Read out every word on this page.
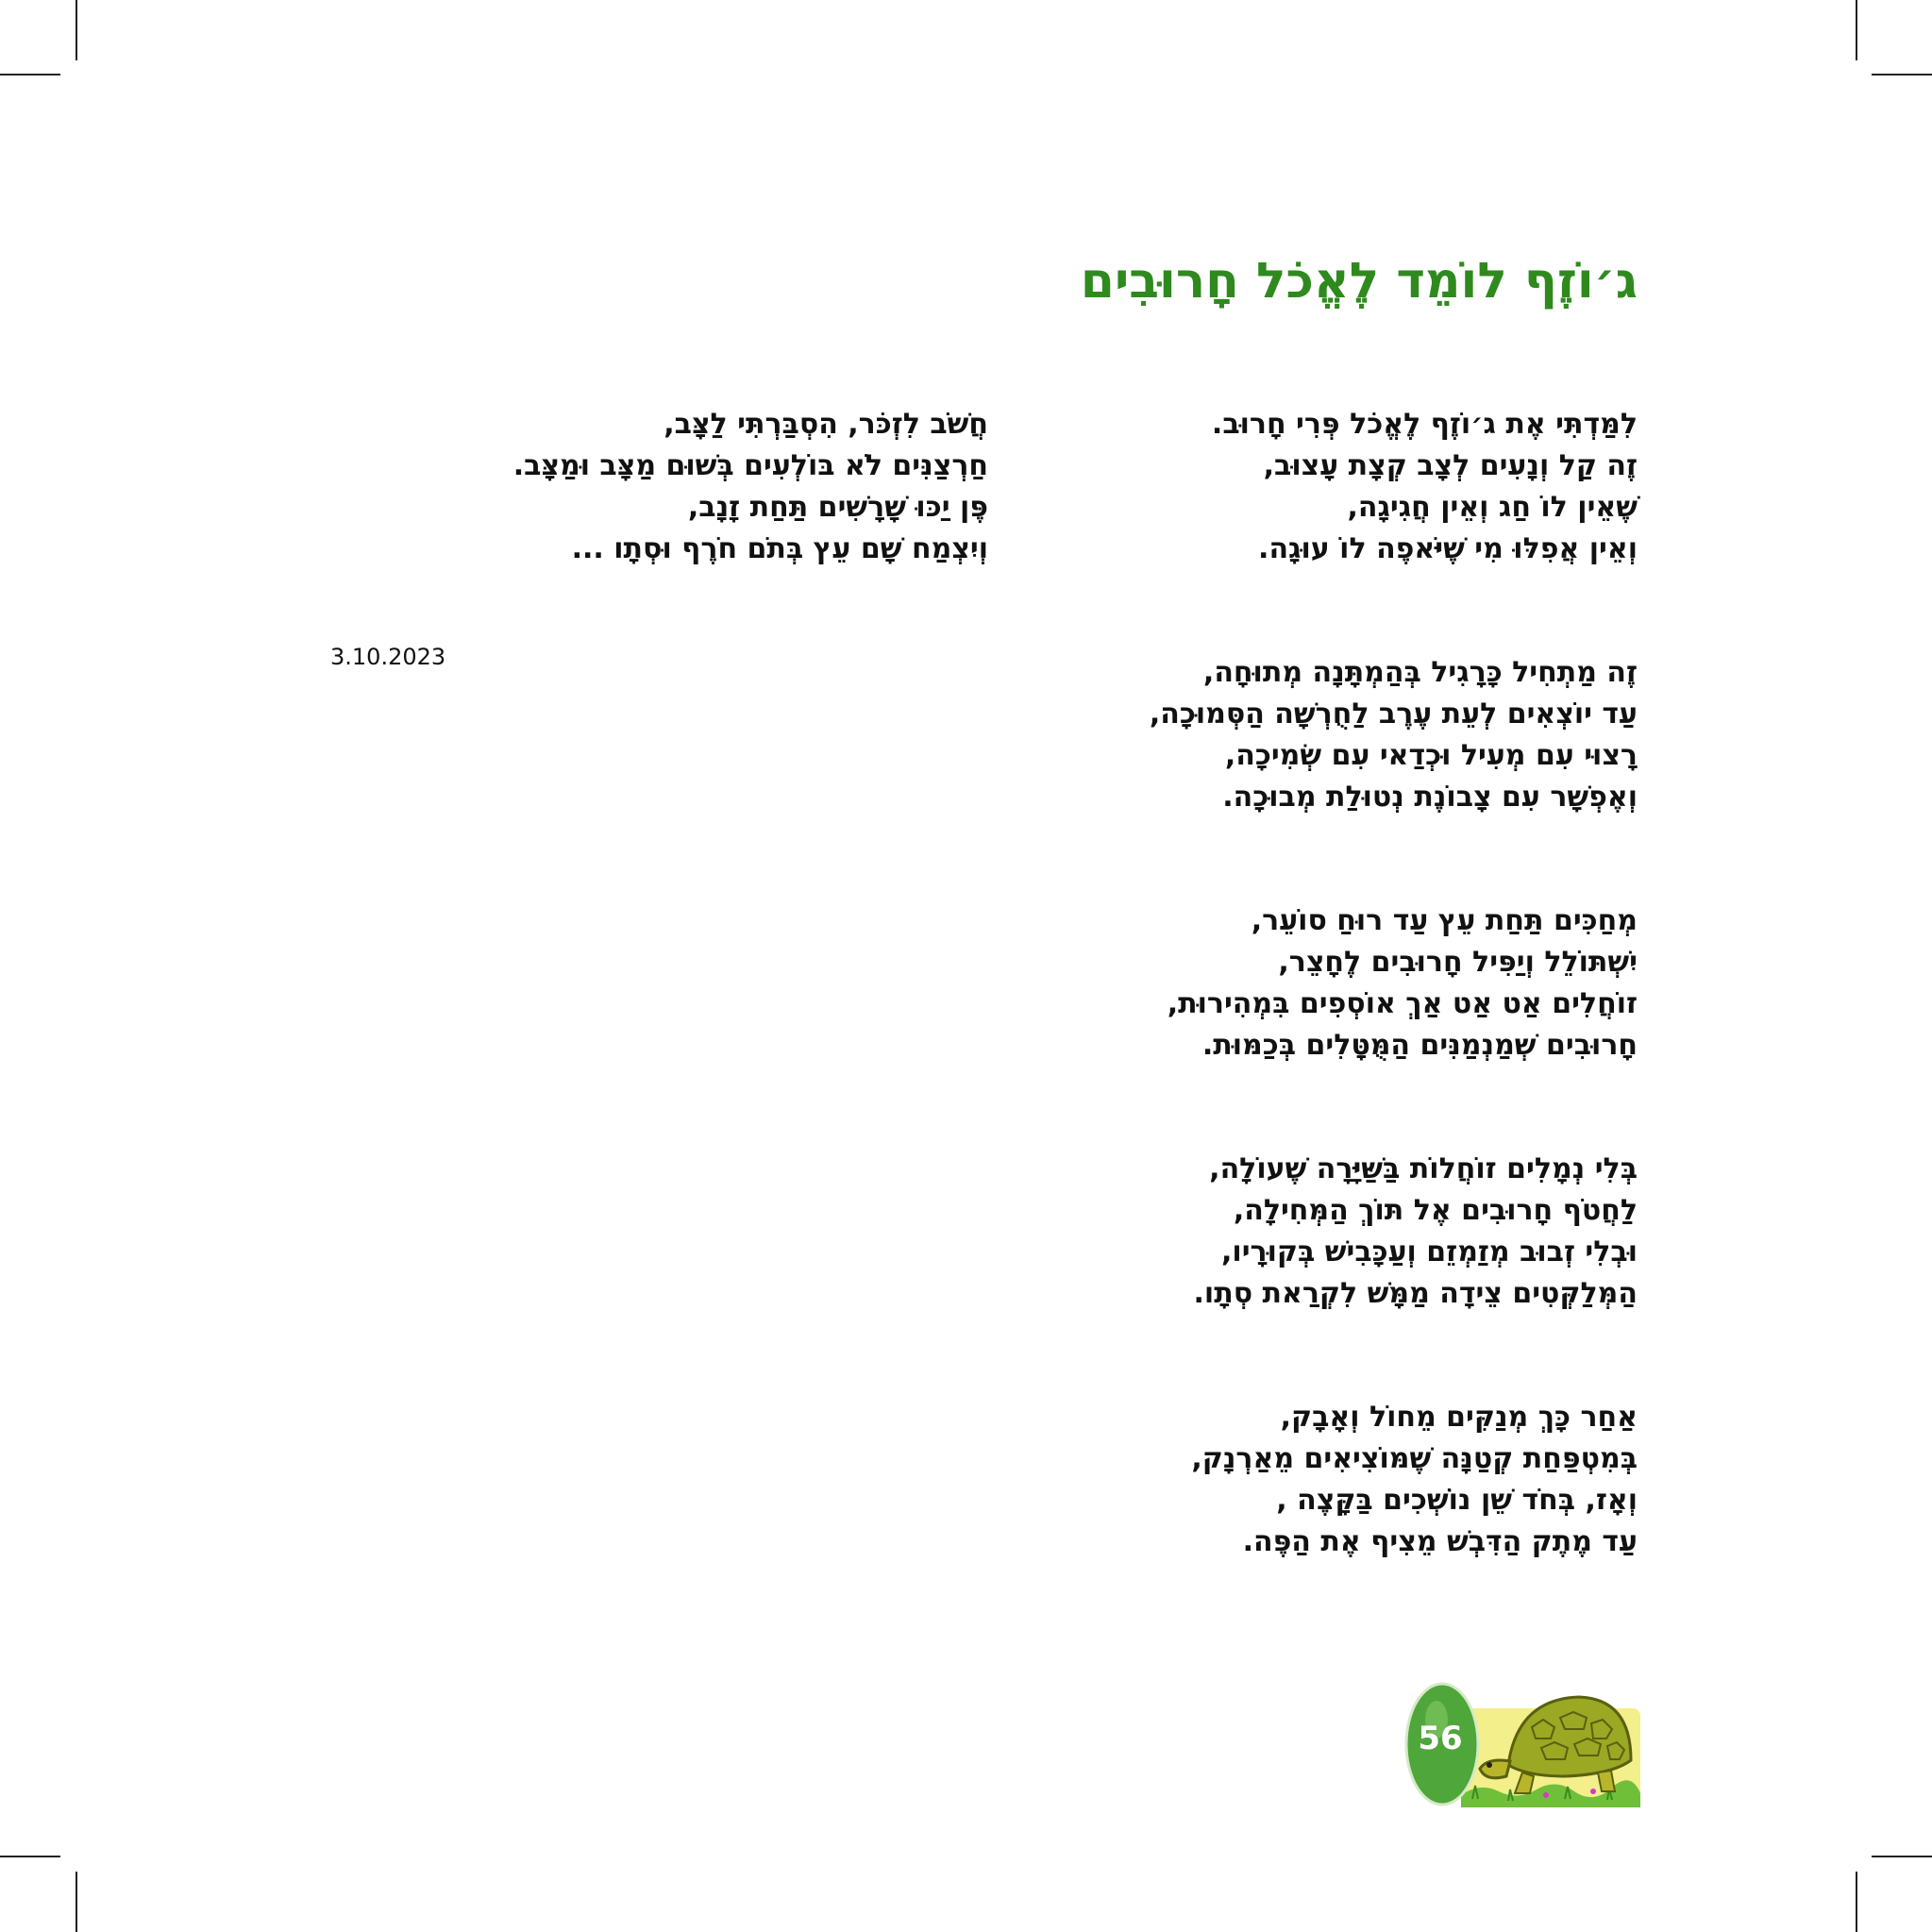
ג׳וֹזֶף לוֹמֵד לֶאֱכֹל חָרוּבִים
לִמַּדְתִּי אֶת ג׳וֹזֶף לֶאֱכֹל פְּרִי חָרוּב.
זֶה קַל וְנָעִים לְצָב קְצָת עָצוּב,
שֶׁאֵין לוֹ חַג וְאֵין חֲגִיגָה,
וְאֵין אֲפִלּוּ מִי שֶׁיֹּאפֶה לוֹ עוּגָה.
זֶה מַתְחִיל כָּרָגִיל בְּהַמְתָּנָה מְתוּחָה,
עַד יוֹצְאִים לְעֵת עֶרֶב לַחֻרְשָׁה הַסְּמוּכָה,
רָצוּי עִם מְעִיל וּכְדַאי עִם שְׂמִיכָה,
וְאֶפְשָׁר עִם צָבוֹנֶת נְטוּלַת מְבוּכָה.
מְחַכִּים תַּחַת עֵץ עַד רוּחַ סוֹעֵר,
יִשְׁתּוֹלֵל וְיַפִּיל חָרוּבִים לֶחָצֵר,
זוֹחֲלִים אַט אַט אַךְ אוֹסְפִים בִּמְהִירוּת,
חָרוּבִים שְׁמַנְמַנִּים הַמֻּטָּלִים בְּכַמּוּת.
בְּלִי נְמָלִים זוֹחֲלוֹת בַּשַּׁיָּרָה שֶׁעוֹלָה,
לַחֲטֹף חָרוּבִים אֶל תּוֹךְ הַמְּחִילָה,
וּבְלִי זְבוּב מְזַמְזֵם וְעַכָּבִישׁ בְּקוּרָיו,
הַמְּלַקְּטִים צֵידָה מַמָּשׁ לִקְרַאת סְתָו.
אַחַר כָּךְ מְנַקִּים מֵחוֹל וְאָבָק,
בְּמִטְפַּחַת קְטַנָּה שֶׁמּוֹצִיאִים מֵאַרְנָק,
וְאָז, בְּחֹד שֵׁן נוֹשְׁכִים בַּקָּצֶה ,
עַד מֶתֶק הַדִּבְשׁ מֵצִיף אֶת הַפֶּה.
חֲשֹׁב לִזְכֹּר, הִסְבַּרְתִּי לַצָּב,
חַרְצַנִּים לֹא בּוֹלְעִים בְּשׁוּם מַצָּב וּמַצָּב.
פֶּן יַכּוּ שָׁרָשִׁים תַּחַת זָנָב,
וְיִצְמַח שָׁם עֵץ בְּתֹם חֹרֶף וּסְתָו ...
3.10.2023
56
